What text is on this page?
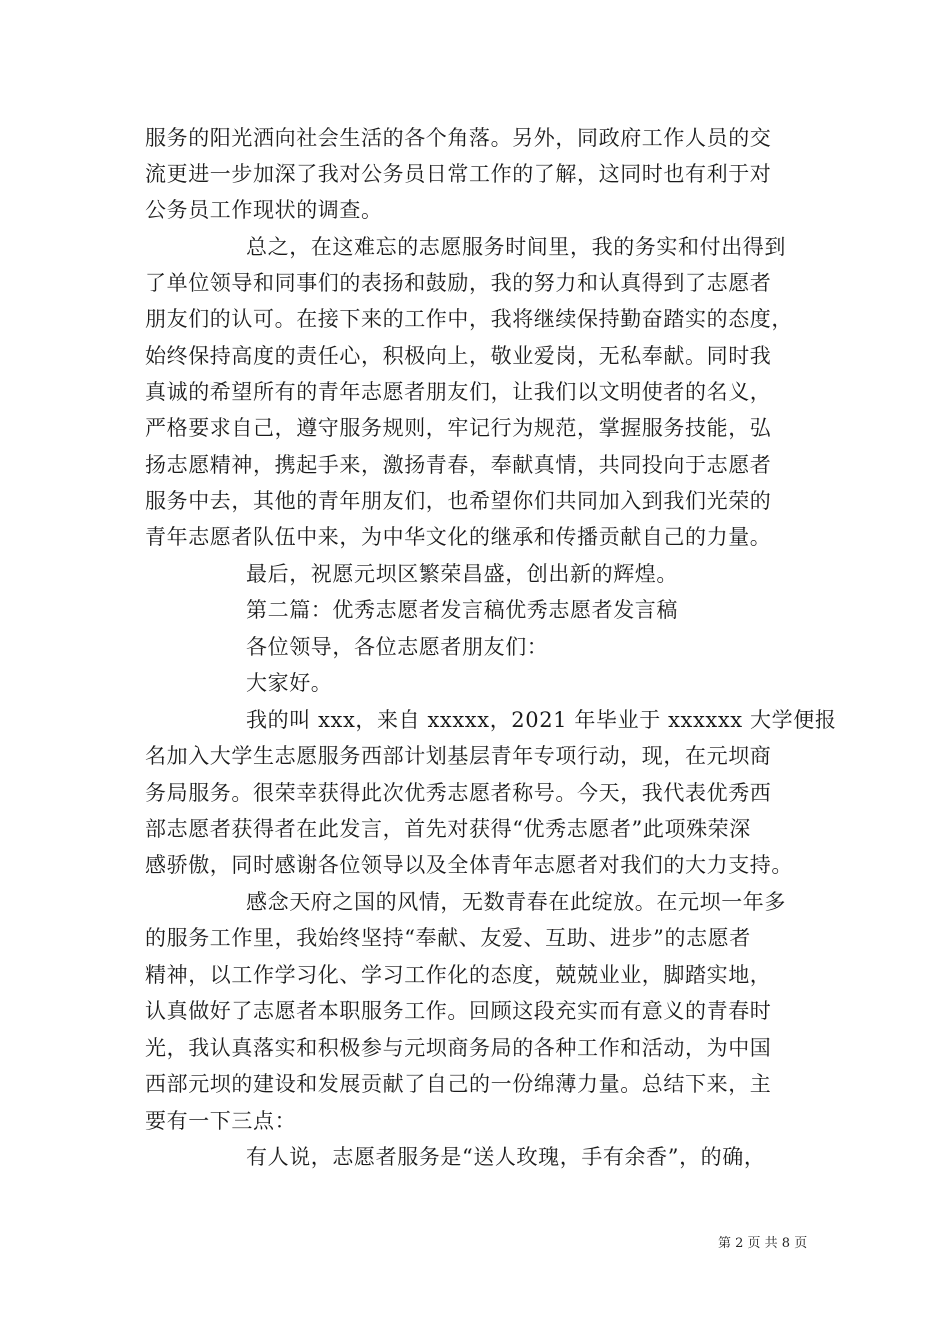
服务的阳光洒向社会生活的各个角落。另外，同政府工作人员的交
流更进一步加深了我对公务员日常工作的了解，这同时也有利于对
公务员工作现状的调查。
总之，在这难忘的志愿服务时间里，我的务实和付出得到
了单位领导和同事们的表扬和鼓励，我的努力和认真得到了志愿者
朋友们的认可。在接下来的工作中，我将继续保持勤奋踏实的态度，
始终保持高度的责任心，积极向上，敬业爱岗，无私奉献。同时我
真诚的希望所有的青年志愿者朋友们，让我们以文明使者的名义，
严格要求自己，遵守服务规则，牢记行为规范，掌握服务技能，弘
扬志愿精神，携起手来，激扬青春，奉献真情，共同投向于志愿者
服务中去，其他的青年朋友们，也希望你们共同加入到我们光荣的
青年志愿者队伍中来，为中华文化的继承和传播贡献自己的力量。
最后，祝愿元坝区繁荣昌盛，创出新的辉煌。
第二篇：优秀志愿者发言稿优秀志愿者发言稿
各位领导，各位志愿者朋友们：
大家好。
我的叫 xxx，来自 xxxxx，2021 年毕业于 xxxxxx 大学便报
名加入大学生志愿服务西部计划基层青年专项行动，现，在元坝商
务局服务。很荣幸获得此次优秀志愿者称号。今天，我代表优秀西
部志愿者获得者在此发言，首先对获得“优秀志愿者”此项殊荣深
感骄傲，同时感谢各位领导以及全体青年志愿者对我们的大力支持。
感念天府之国的风情，无数青春在此绽放。在元坝一年多
的服务工作里，我始终坚持“奉献、友爱、互助、进步”的志愿者
精神，以工作学习化、学习工作化的态度，兢兢业业，脚踏实地，
认真做好了志愿者本职服务工作。回顾这段充实而有意义的青春时
光，我认真落实和积极参与元坝商务局的各种工作和活动，为中国
西部元坝的建设和发展贡献了自己的一份绵薄力量。总结下来，主
要有一下三点：
有人说，志愿者服务是“送人玫瑰，手有余香”，的确，
第 2 页 共 8 页
